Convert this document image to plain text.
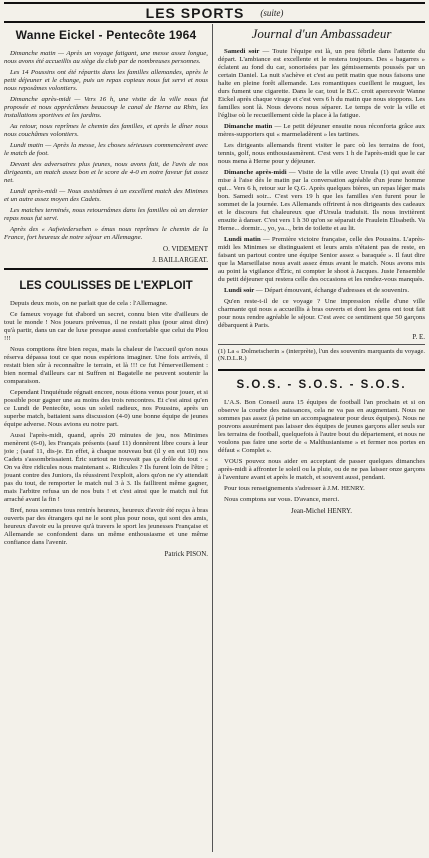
LES SPORTS (suite)
Wanne Eickel - Pentecôte 1964

Dimanche matin — Après un voyage fatigant, une messe assez longue, nous avons été accueillis au siège du club par de nombreuses personnes.

Les 14 Poussins ont été répartis dans les familles allemandes, après le petit déjeuner et le change, puis un repas copieux nous fut servi et nous nous reposâmes volontiers.

Dimanche après-midi — Vers 16 h, une visite de la ville nous fut proposée et nous appréciâmes beaucoup le canal de Herne au Rhin, les installations sportives et les jardins.

Au retour, nous reprîmes le chemin des familles, et après le dîner nous nous couchâmes volontiers.

Lundi matin — Après la messe, les choses sérieuses commencèrent avec le match de foot.

Devant des adversaires plus jeunes, nous avons fait, de l'avis de nos dirigeants, un match assez bon et le score de 4-0 en notre faveur fut assez net.

Lundi après-midi — Nous assistâmes à un excellent match des Minimes et un autre assez moyen des Cadets.

Les matches terminés, nous retournâmes dans les familles où un dernier repas nous fut servi.

Après des « Aufwiedersehen » émus nous reprîmes le chemin de la France, fort heureux de notre séjour en Allemagne.

O. VIDEMENT
J. BAILLARGEAT.
LES COULISSES DE L'EXPLOIT

Depuis deux mois, on ne parlait que de cela : l'Allemagne.

Ce fameux voyage fut d'abord un secret, connu bien vite d'ailleurs de tout le monde ! Nos joueurs prévenus, il ne restait plus (pour ainsi dire) qu'à partir, dans un car de luxe presque aussi confortable que celui du Plou !!!

Nous comptions être bien reçus, mais la chaleur de l'accueil qu'on nous réserva dépassa tout ce que nous espérions imaginer. Une fois arrivés, il restait bien sûr à reconnaître le terrain, et là !!! ce fut l'émerveillement : bien normal d'ailleurs car ni Suffren ni Bagatelle ne peuvent soutenir la comparaison.

Cependant l'inquiétude régnait encore, nous étions venus pour jouer, et si possible pour gagner une au moins des trois rencontres. Et c'est ainsi qu'en ce Lundi de Pentecôte, sous un soleil radieux, nos Poussins, après un superbe match, battaient sans discussion (4-0) une bonne équipe de jeunes équipe adverse. Nous avions eu notre part.

Aussi l'après-midi, quand, après 20 minutes de jeu, nos Minimes menèrent (6-0), les Français présents (sauf 11) donnèrent libre cours à leur joie ; (sauf 11, dis-je. En effet, à chaque nouveau but (il y en eut 10) nos Cadets s'assombrissaient. Éric surtout ne trouvait pas ça drôle du tout : « On va être ridicules nous maintenant ». Ridicules ? Ils furent loin de l'être ; jouant contre des Juniors, ils réussirent l'exploit, alors qu'on ne s'y attendait pas du tout, de remporter le match nul 3 à 3. Ils faillirent même gagner, mais l'arbitre refusa un de nos buts ! et c'est ainsi que le match nul fut arraché avant la fin !

Bref, nous sommes tous rentrés heureux, heureux d'avoir été reçus à bras ouverts par des étrangers qui ne le sont plus pour nous, qui sont des amis, heureux d'avoir eu la preuve qu'à travers le sport les jeunesses Française et Allemande se confondent dans un même enthousiasme et une même confiance dans l'avenir.

Patrick PISON.
Journal d'un Ambassadeur

Samedi soir — Toute l'équipe est là, un peu fébrile dans l'attente du départ. L'ambiance est excellente et le restera toujours. Des « bagarres » éclatent au fond du car, sonorisées par les gémissements poussés par un certain Daniel. La nuit s'achève et c'est au petit matin que nous faisons une halte en pleine forêt allemande. Les romantiques cueillent le muguet, les durs fument une cigarette. Dans le car, tout le B.C. croit apercevoir Wanne Eickel après chaque virage et c'est vers 6 h du matin que nous stoppons. Les familles sont là. Nous devons nous séparer. Le temps de voir la ville et l'église où le recueillement cède la place à la fatigue.

Dimanche matin — Le petit déjeuner ensuite nous réconforta grâce aux mères-supporters qui « marmeladèrent » les tartines.

Les dirigeants allemands firent visiter le parc où les terrains de foot, tennis, golf, nous enthousiasmèrent. C'est vers 1 h de l'après-midi que le car nous mena à Herne pour y déjeuner.

Dimanche après-midi — Visite de la ville avec Ursula (1) qui avait été mise à l'aise dès le matin par la conversation agréable d'un jeune homme qui... Vers 6 h, retour sur le Q.G. Après quelques bières, un repas léger mais bon. Samedi soir... C'est vers 19 h que les familles s'en furent pour le sommet de la journée. Les Allemands offrirent à nos dirigeants des cadeaux et le discours fut chaleureux que d'Ursula traduisit. Ils nous invitèrent ensuite à danser. C'est vers 1 h 30 qu'on se séparait de Fraulein Elisabeth. Va Herne... dormir..., yo, ya..., brin de toilette et au lit.

Lundi matin — Première victoire française, celle des Poussins. L'après-midi les Minimes se distinguaient et leurs amis n'étaient pas de reste, en faisant un partout contre une équipe Senior assez « baraquée ». Il faut dire que la Marseillaise nous avait assez émus avant le match. Nous avons mis au point la vigilance d'Éric, ni compter le shoot à Jacques. Juste l'ensemble du petit déjeuner qui restera celle des occasions et les rendez-vous manqués.

Lundi soir — Départ émouvant, échange d'adresses et de souvenirs.

Qu'en reste-t-il de ce voyage ? Une impression réelle d'une ville charmante qui nous a accueillis à bras ouverts et dont les gens ont tout fait pour nous rendre agréable le séjour. C'est avec ce sentiment que 50 garçons débarquent à Paris.

P. E.

(1) La « Dolmetscherin » (interprète), l'un des souvenirs marquants du voyage. (N.D.L.R.)

S.O.S. - S.O.S. - S.O.S.

L'A.S. Bon Conseil aura 15 équipes de football l'an prochain et si on observe la courbe des naissances, cela ne va pas en augmentant. Nous ne sommes pas assez (à peine un accompagnateur pour deux équipes). Nous ne pouvons assurément pas laisser des équipes de jeunes garçons aller seuls sur les terrains de football, quelquefois à l'autre bout du département, et nous ne voulons pas faire une sorte de « Malthusianisme » et fermer nos portes en défaut « Complet ».

VOUS pouvez nous aider en acceptant de passer quelques dimanches après-midi à affronter le soleil ou la pluie, ou de ne pas laisser onze garçons à l'aventure avant et après le match, et souvent aussi, pendant.

Pour tous renseignements s'adresser à J.M. HENRY.

Nous comptons sur vous. D'avance, merci.

Jean-Michel HENRY.
